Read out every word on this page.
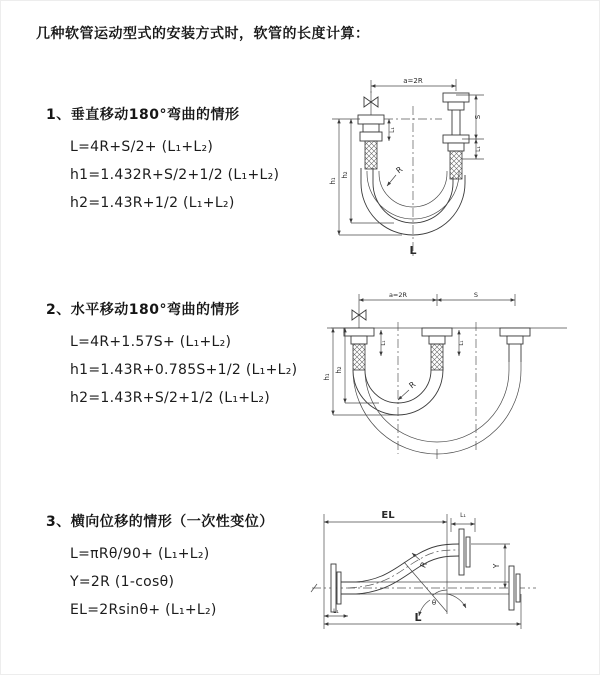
几种软管运动型式的安装方式时，软管的长度计算：

1、垂直移动180°弯曲的情形

L=4R+S/2+ (L₁+L₂)

h1=1.432R+S/2+1/2 (L₁+L₂)

h2=1.43R+1/2 (L₁+L₂)

2、水平移动180°弯曲的情形

L=4R+1.57S+ (L₁+L₂)

h1=1.43R+0.785S+1/2 (L₁+L₂)

h2=1.43R+S/2+1/2 (L₁+L₂)

3、横向位移的情形（一次性变位）

L=πRθ/90+ (L₁+L₂)

Y=2R (1-cosθ)

EL=2Rsinθ+ (L₁+L₂)

a=2R
h₁
h₂
L₁
S
L₁
R
L
a=2R	S
L₁	L₁
h₁
h₂
R
EL	L₁
R
θ
Y
L₁	L
